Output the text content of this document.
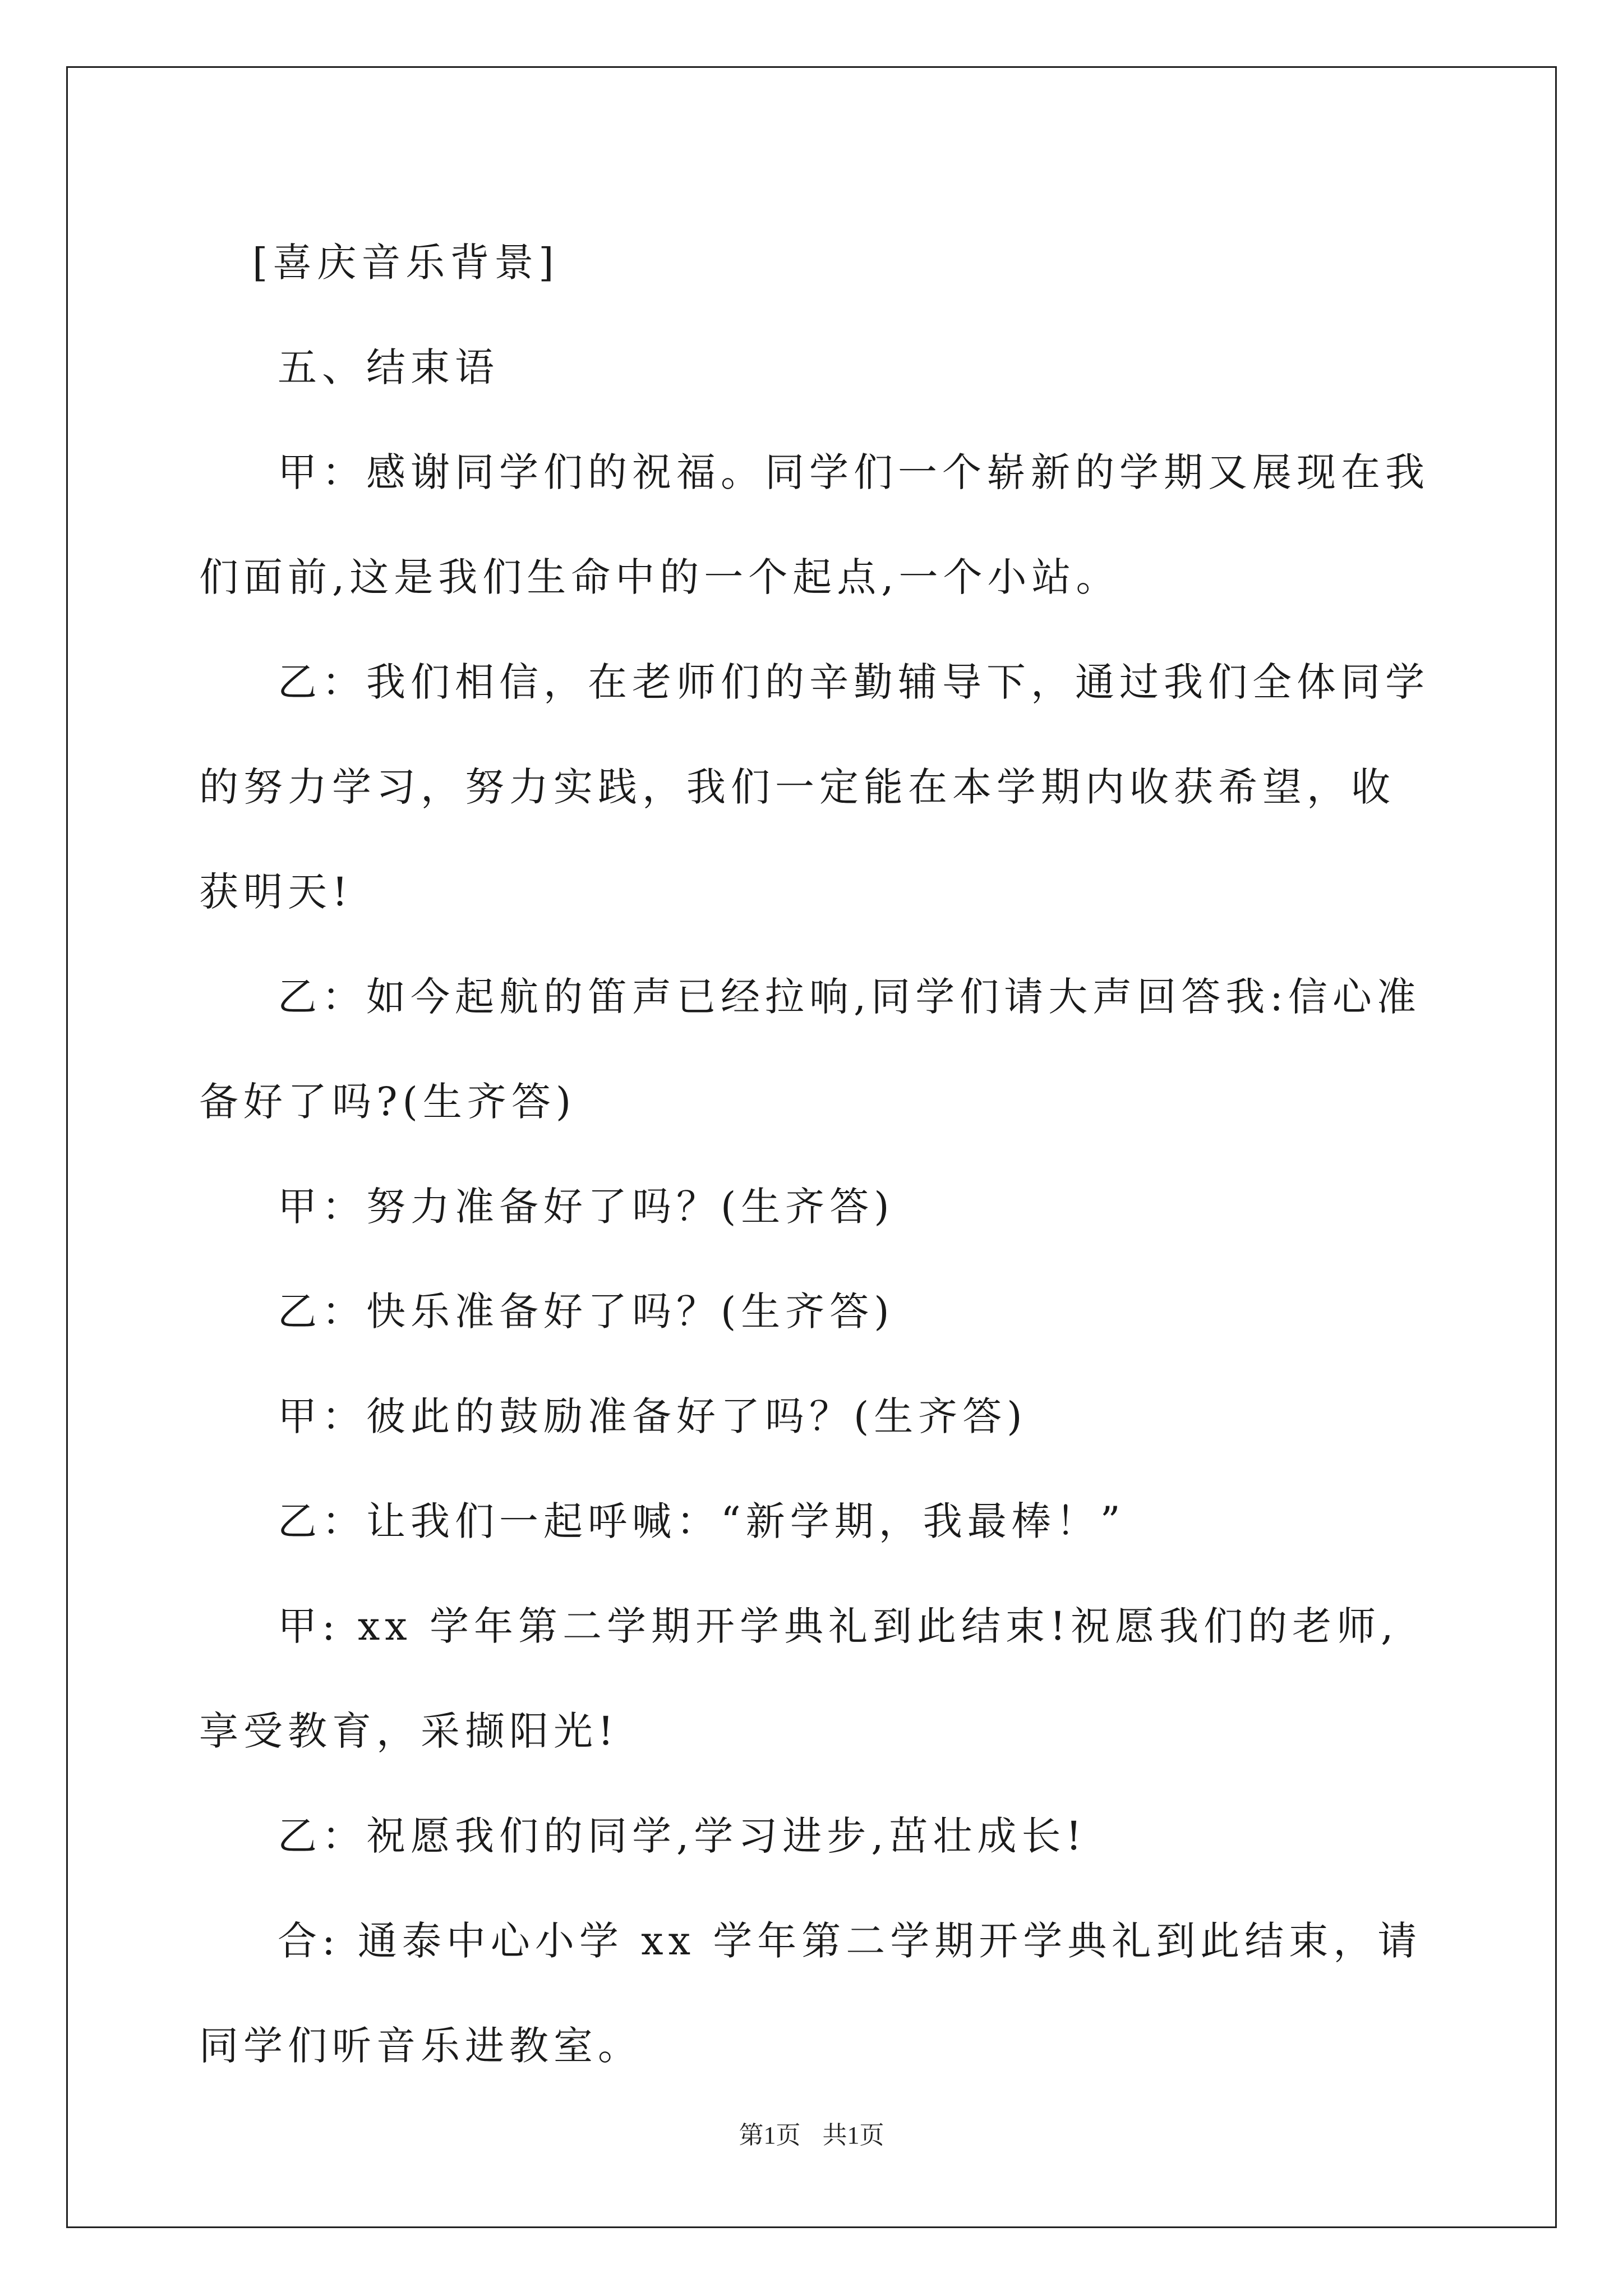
[喜庆音乐背景]

五、结束语

甲：感谢同学们的祝福。同学们一个崭新的学期又展现在我们面前,这是我们生命中的一个起点,一个小站。

乙：我们相信，在老师们的辛勤辅导下，通过我们全体同学的努力学习，努力实践，我们一定能在本学期内收获希望，收获明天!

乙：如今起航的笛声已经拉响,同学们请大声回答我:信心准备好了吗?(生齐答)

甲：努力准备好了吗？(生齐答)

乙：快乐准备好了吗？(生齐答)

甲：彼此的鼓励准备好了吗？(生齐答)

乙：让我们一起呼喊：“新学期，我最棒！”

甲: xx 学年第二学期开学典礼到此结束!祝愿我们的老师,享受教育，采撷阳光!

乙：祝愿我们的同学,学习进步,茁壮成长!

合: 通泰中心小学 xx 学年第二学期开学典礼到此结束，请同学们听音乐进教室。

第1页 共1页
